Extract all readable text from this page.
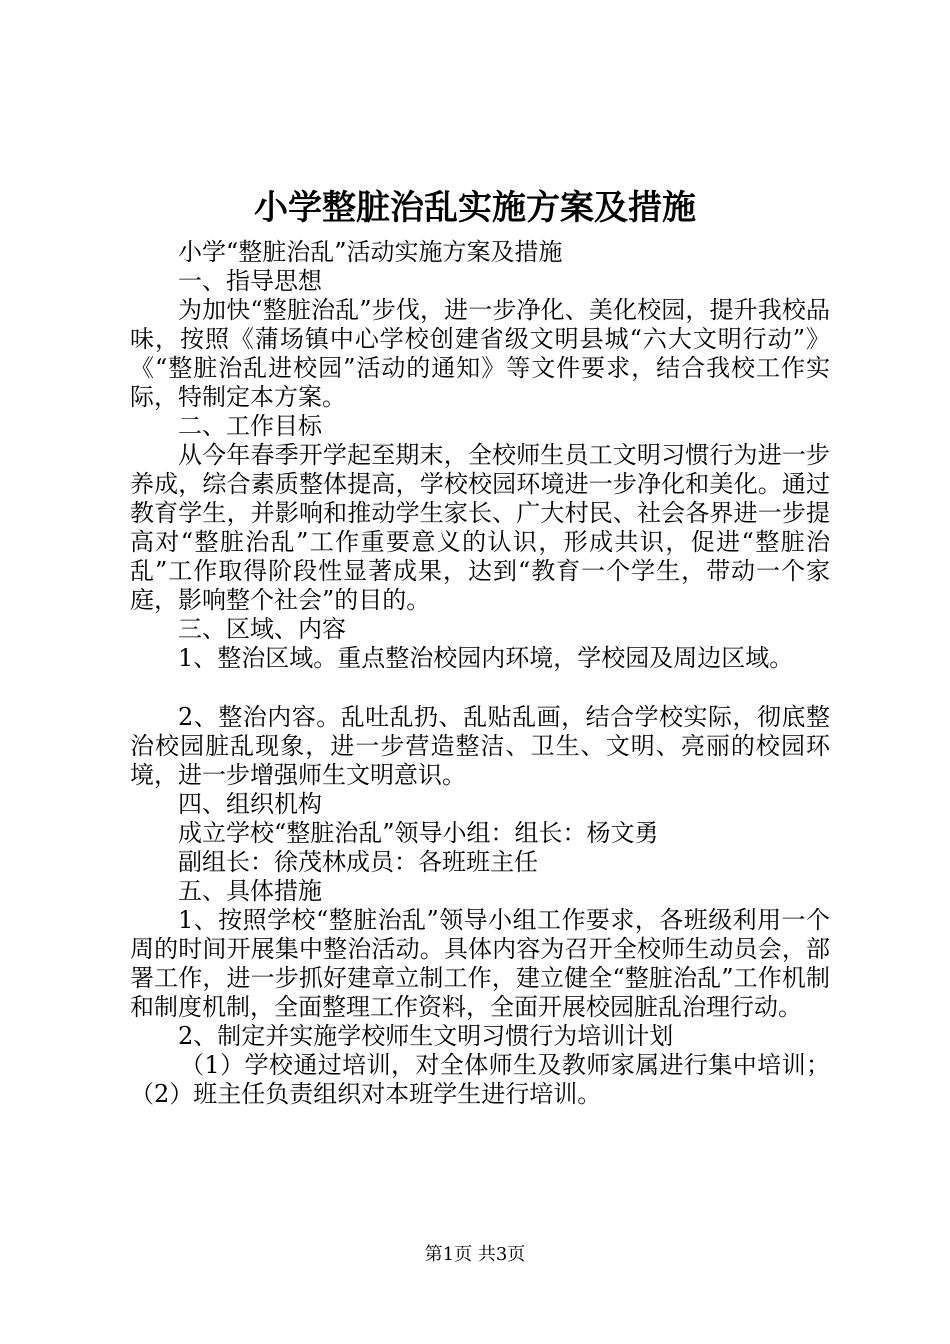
小学整脏治乱实施方案及措施
小学“整脏治乱”活动实施方案及措施
一、指导思想
为加快“整脏治乱”步伐，进一步净化、美化校园，提升我校品味，按照《蒲场镇中心学校创建省级文明县城“六大文明行动”》《“整脏治乱进校园”活动的通知》等文件要求，结合我校工作实际，特制定本方案。
二、工作目标
从今年春季开学起至期末，全校师生员工文明习惯行为进一步养成，综合素质整体提高，学校校园环境进一步净化和美化。通过教育学生，并影响和推动学生家长、广大村民、社会各界进一步提高对“整脏治乱”工作重要意义的认识，形成共识，促进“整脏治乱”工作取得阶段性显著成果，达到“教育一个学生，带动一个家庭，影响整个社会”的目的。
三、区域、内容
1、整治区域。重点整治校园内环境，学校园及周边区域。
2、整治内容。乱吐乱扔、乱贴乱画，结合学校实际，彻底整治校园脏乱现象，进一步营造整洁、卫生、文明、亮丽的校园环境，进一步增强师生文明意识。
四、组织机构
成立学校“整脏治乱”领导小组：组长：杨文勇
副组长：徐茂林成员：各班班主任
五、具体措施
1、按照学校“整脏治乱”领导小组工作要求，各班级利用一个周的时间开展集中整治活动。具体内容为召开全校师生动员会，部署工作，进一步抓好建章立制工作，建立健全“整脏治乱”工作机制和制度机制，全面整理工作资料，全面开展校园脏乱治理行动。
2、制定并实施学校师生文明习惯行为培训计划
（1）学校通过培训，对全体师生及教师家属进行集中培训；（2）班主任负责组织对本班学生进行培训。
第1页 共3页
